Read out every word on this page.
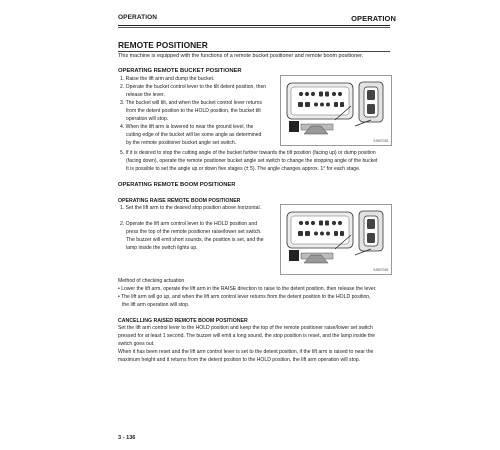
OPERATION	OPERATION
REMOTE POSITIONER
This machine is equipped with the functions of a remote bucket positioner and remote boom positioner.
OPERATING REMOTE BUCKET POSITIONER
1. Raise the lift arm and dump the bucket.
2. Operate the bucket control lever to the tilt detent position, then
release the lever.
3. The bucket will tilt, and when the bucket control lever returns
from the detent position to the HOLD position, the bucket tilt
operation will stop.
4. When the lift arm is lowered to near the ground level, the
cutting edge of the bucket will be some angle as determined
by the remote positioner bucket angle set switch.	9JH07028
5. If it is desired to stop the cutting angle of the bucket further towards the tilt position (facing up) or dump position
(facing down), operate the remote positioner bucket angle set switch to change the stopping angle of the bucket
It is possible to set the angle up or down five stages (± 5). The angle changes approx. 1° for each stage.
OPERATING REMOTE BOOM POSITIONER
OPERATING RAISE REMOTE BOOM POSITIONER
1. Set the lift arm to the desired stop position above horizontal.
2. Operate the lift arm control lever to the HOLD position and
press the top of the remote positioner raise/lower set switch.
The buzzer will emit short sounds, the position is set, and the
lamp inside the switch lights up.
9JH07028
Method of checking actuation
• Lower the lift arm, operate the lift arm in the RAISE direction to raise to the detent position, then release the lever.
• The lift arm will go up, and when the lift arm control lever returns from the detent position to the HOLD position,
the lift arm operation will stop.
CANCELLING RAISED REMOTE BOOM POSITIONER
Set the lift arm control lever to the HOLD position and keep the top of the remote positioner raise/lower set switch
pressed for at least 1 second. The buzzer will emit a long sound, the stop position is reset, and the lamp inside the
switch goes out.
When it has been reset and the lift arm control lever is set to the detent position, if the lift arm is raised to near the
maximum height and it returns from the detent position to the HOLD position, the lift arm operation will stop.
3 - 136
